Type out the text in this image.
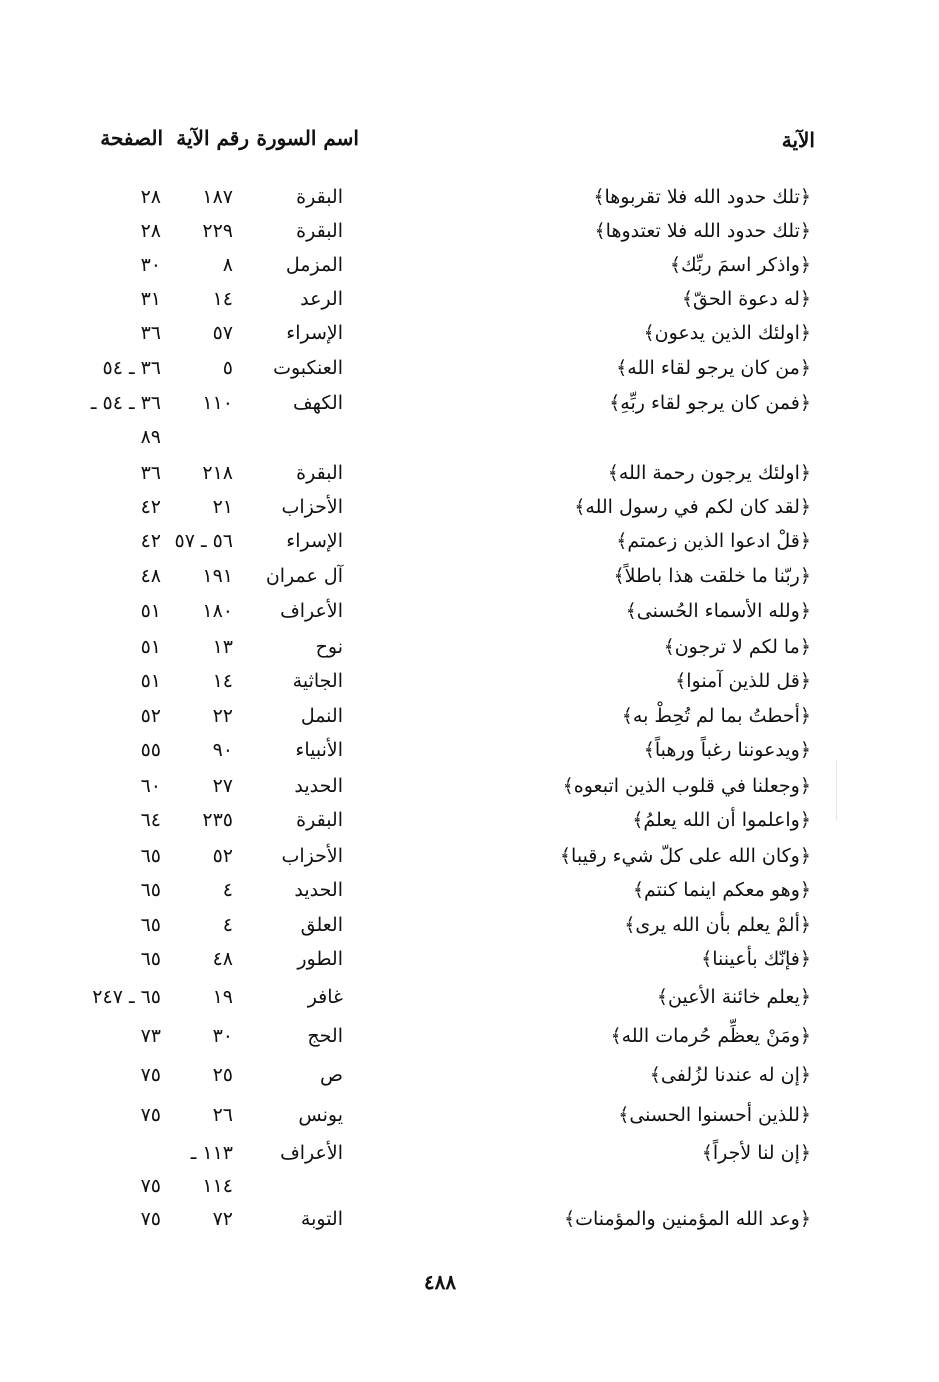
الآية
اسم السورة
رقم الآية
الصفحة
﴿تلك حدود الله فلا تقربوها﴾
البقرة
١٨٧
٢٨
﴿تلك حدود الله فلا تعتدوها﴾
البقرة
٢٢٩
٢٨
﴿واذكر اسمَ ربِّك﴾
المزمل
٨
٣٠
﴿له دعوة الحقّ﴾
الرعد
١٤
٣١
﴿اولئك الذين يدعون﴾
الإسراء
٥٧
٣٦
﴿من كان يرجو لقاء الله﴾
العنكبوت
٥
٣٦ ـ ٥٤
﴿فمن كان يرجو لقاء ربِّهِ﴾
الكهف
١١٠
٣٦ ـ ٥٤ ـ
٨٩
﴿اولئك يرجون رحمة الله﴾
البقرة
٢١٨
٣٦
﴿لقد كان لكم في رسول الله﴾
الأحزاب
٢١
٤٢
﴿قلْ ادعوا الذين زعمتم﴾
الإسراء
٥٦ ـ ٥٧
٤٢
﴿ربّنا ما خلقت هذا باطلاً﴾
آل عمران
١٩١
٤٨
﴿ولله الأسماء الحُسنى﴾
الأعراف
١٨٠
٥١
﴿ما لكم لا ترجون﴾
نوح
١٣
٥١
﴿قل للذين آمنوا﴾
الجاثية
١٤
٥١
﴿أحطتُ بما لم تُحِطْ به﴾
النمل
٢٢
٥٢
﴿ويدعوننا رغباً ورهباً﴾
الأنبياء
٩٠
٥٥
﴿وجعلنا في قلوب الذين اتبعوه﴾
الحديد
٢٧
٦٠
﴿واعلموا أن الله يعلمُ﴾
البقرة
٢٣٥
٦٤
﴿وكان الله على كلّ شيء رقيبا﴾
الأحزاب
٥٢
٦٥
﴿وهو معكم اينما كنتم﴾
الحديد
٤
٦٥
﴿ألمْ يعلم بأن الله يرى﴾
العلق
٤
٦٥
﴿فإنّك بأعيننا﴾
الطور
٤٨
٦٥
﴿يعلم خائنة الأعين﴾
غافر
١٩
٦٥ ـ ٢٤٧
﴿ومَنْ يعظِّم حُرمات الله﴾
الحج
٣٠
٧٣
﴿إن له عندنا لزُلفى﴾
ص
٢٥
٧٥
﴿للذين أحسنوا الحسنى﴾
يونس
٢٦
٧٥
﴿إن لنا لأجراً﴾
الأعراف
١١٣ ـ
١١٤
٧٥
﴿وعد الله المؤمنين والمؤمنات﴾
التوبة
٧٢
٧٥
٤٨٨
